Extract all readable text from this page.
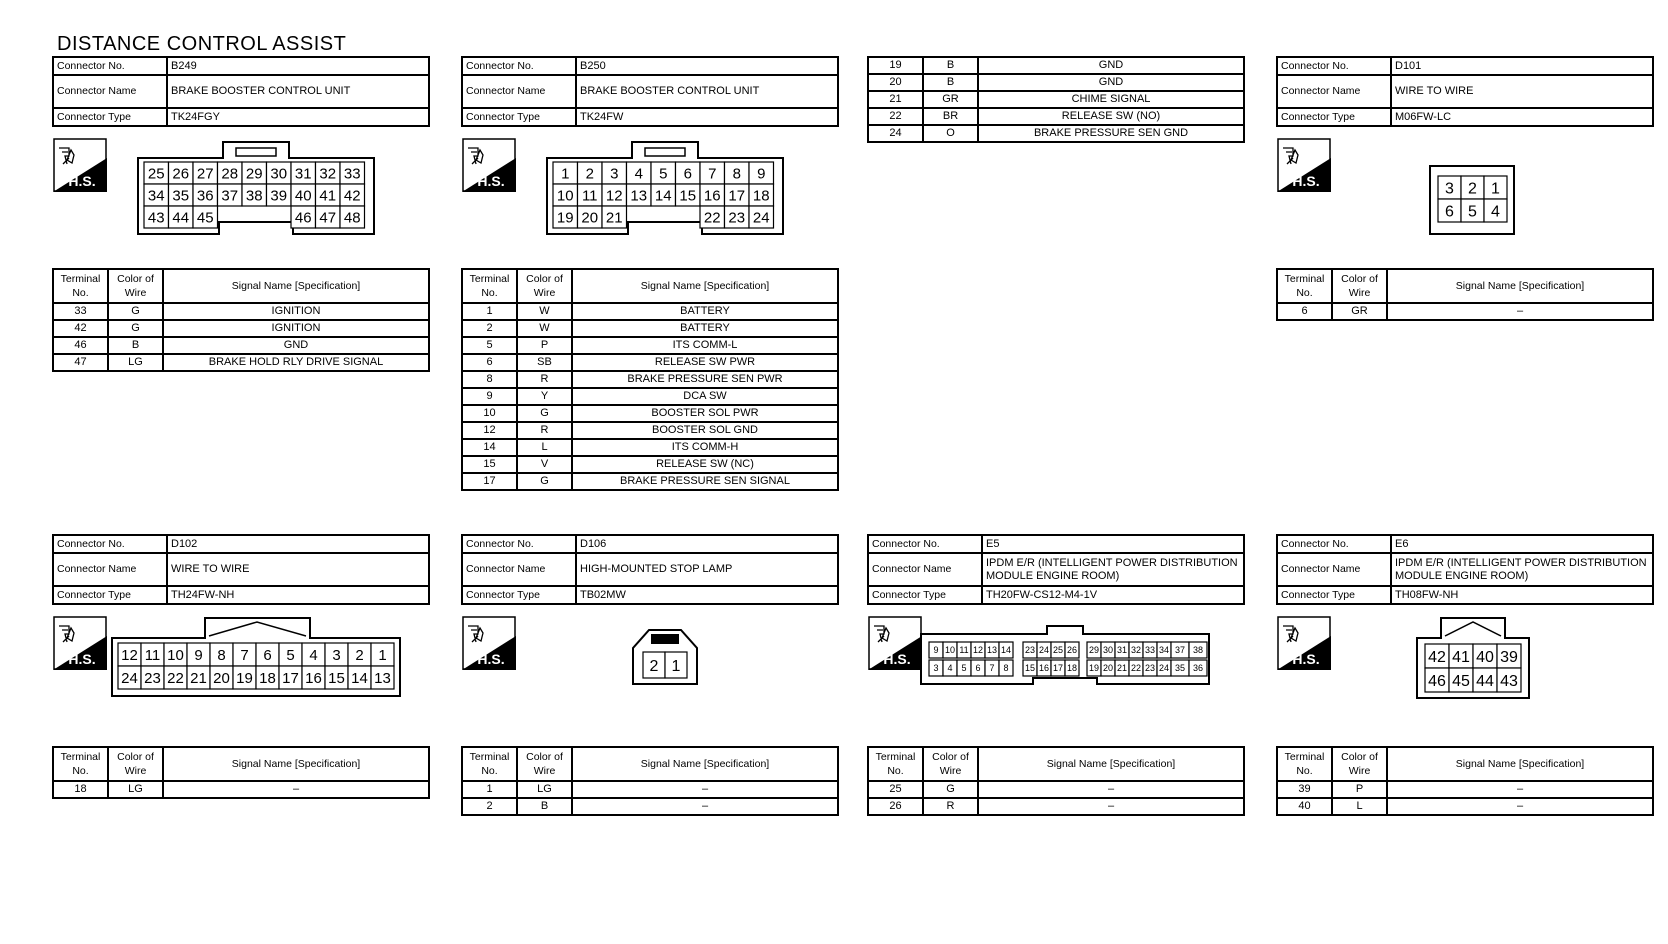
DISTANCE CONTROL ASSIST
19	B	GND
20	B	GND
21	GR	CHIME SIGNAL
22	BR	RELEASE SW (NO)
24	O	BRAKE PRESSURE SEN GND
Connector No.	B249
Connector Name	BRAKE BOOSTER CONTROL UNIT
Connector Type	TK24FGY
H.S.	25 26 27 28 29 30 31 32 33
34 35 36 37 38 39 40 41 42
43 44 45	46 47 48
Terminal No.	Color of Wire	Signal Name [Specification]
33	G	IGNITION
42	G	IGNITION
46	B	GND
47	LG	BRAKE HOLD RLY DRIVE SIGNAL
Connector No.	B250
Connector Name	BRAKE BOOSTER CONTROL UNIT
Connector Type	TK24FW
H.S.	1 2 3 4 5 6 7 8 9
10 11 12 13 14 15 16 17 18
19 20 21	22 23 24
Terminal No.	Color of Wire	Signal Name [Specification]
1	W	BATTERY
2	W	BATTERY
5	P	ITS COMM-L
6	SB	RELEASE SW PWR
8	R	BRAKE PRESSURE SEN PWR
9	Y	DCA SW
10	G	BOOSTER SOL PWR
12	R	BOOSTER SOL GND
14	L	ITS COMM-H
15	V	RELEASE SW (NC)
17	G	BRAKE PRESSURE SEN SIGNAL
Connector No.	D101
Connector Name	WIRE TO WIRE
Connector Type	M06FW-LC
H.S.	3 2 1
6 5 4
Terminal No.	Color of Wire	Signal Name [Specification]
6	GR	–
Connector No.	D102
Connector Name	WIRE TO WIRE
Connector Type	TH24FW-NH
H.S. 12 11 10 9 8 7 6 5 4 3 2 1
24 23 22 21 20 19 18 17 16 15 14 13
Terminal No.	Color of Wire	Signal Name [Specification]
18	LG	–
Connector No.	D106
Connector Name	HIGH-MOUNTED STOP LAMP
Connector Type	TB02MW
H.S.	2 1
Terminal No.	Color of Wire	Signal Name [Specification]
1	LG	–
2	B	–
Connector No.	E5
Connector Name	IPDM E/R (INTELLIGENT POWER DISTRIBUTION MODULE ENGINE ROOM)
Connector Type	TH20FW-CS12-M4-1V
H.S.
9 10 11 12 13 14 23 24 25 26 29 30 31 32 33 34 37 38
3 4 5 6 7 8 15 16 17 18 19 20 21 22 23 24 35 36
Terminal No.	Color of Wire	Signal Name [Specification]
25	G	–
26	R	–
Connector No.	E6
Connector Name	IPDM E/R (INTELLIGENT POWER DISTRIBUTION MODULE ENGINE ROOM)
Connector Type	TH08FW-NH
H.S.	42 41 40 39
46 45 44 43
Terminal No.	Color of Wire	Signal Name [Specification]
39	P	–
40	L	–
